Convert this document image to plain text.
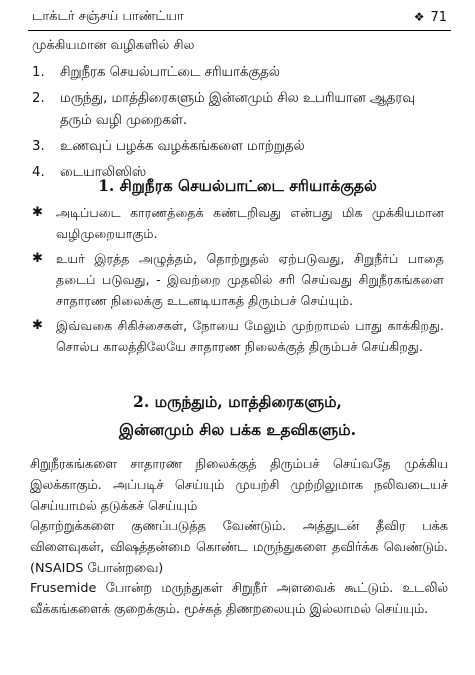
டாக்டர் சஞ்சய் பாண்ட்யா	❖ 71
முக்கியமான வழிகளில் சில
1. சிறுநீரக செயல்பாட்டை சரியாக்குதல்
2. மருந்து, மாத்திரைகளும் இன்னமும் சில உபரியான ஆதரவு தரும் வழி முறைகள்.
3. உணவுப் பழக்க வழக்கங்களை மாற்றுதல்
4. டையாலிஸிஸ்
1. சிறுநீரக செயல்பாட்டை சரியாக்குதல்
✱ அடிப்படை காரணத்தைக் கண்டறிவது என்பது மிக முக்கியமான வழிமுறையாகும்.
✱ உயர் இரத்த அழுத்தம், தொற்றுதல் ஏற்படுவது, சிறுநீர்ப் பாதை தடைப் படுவது, - இவற்றை முதலில் சரி செய்வது சிறுநீரகங்களை சாதாரண நிலைக்கு உடனடியாகத் திரும்பச் செய்யும்.
✱ இவ்வகை சிகிச்சைகள், நோயை மேலும் முற்றாமல் பாது காக்கிறது. சொல்ப காலத்திலேயே சாதாரண நிலைக்குத் திரும்பச் செய்கிறது.
2. மருந்தும், மாத்திரைகளும்,
இன்னமும் சில பக்க உதவிகளும்.

சிறுநீரகங்களை சாதாரண நிலைக்குத் திரும்பச் செய்வதே முக்கிய இலக்காகும். அப்படிச் செய்யும் முயற்சி முற்றிலுமாக நலிவடையச் செய்யாமல் தடுக்கச் செய்யும்

தொற்றுக்களை குணப்படுத்த வேண்டும். அத்துடன் தீவிர பக்க விளைவுகள், விஷத்தன்மை கொண்ட மருந்துகளை தவிர்க்க வெண்டும். (NSAIDS போன்றவை)

Frusemide போன்ற மருந்துகள் சிறுநீர் அளவைக் கூட்டும். உடலில் வீக்கங்களைக் குறைக்கும். மூச்சுத் திணறலையும் இல்லாமல் செய்யும்.
